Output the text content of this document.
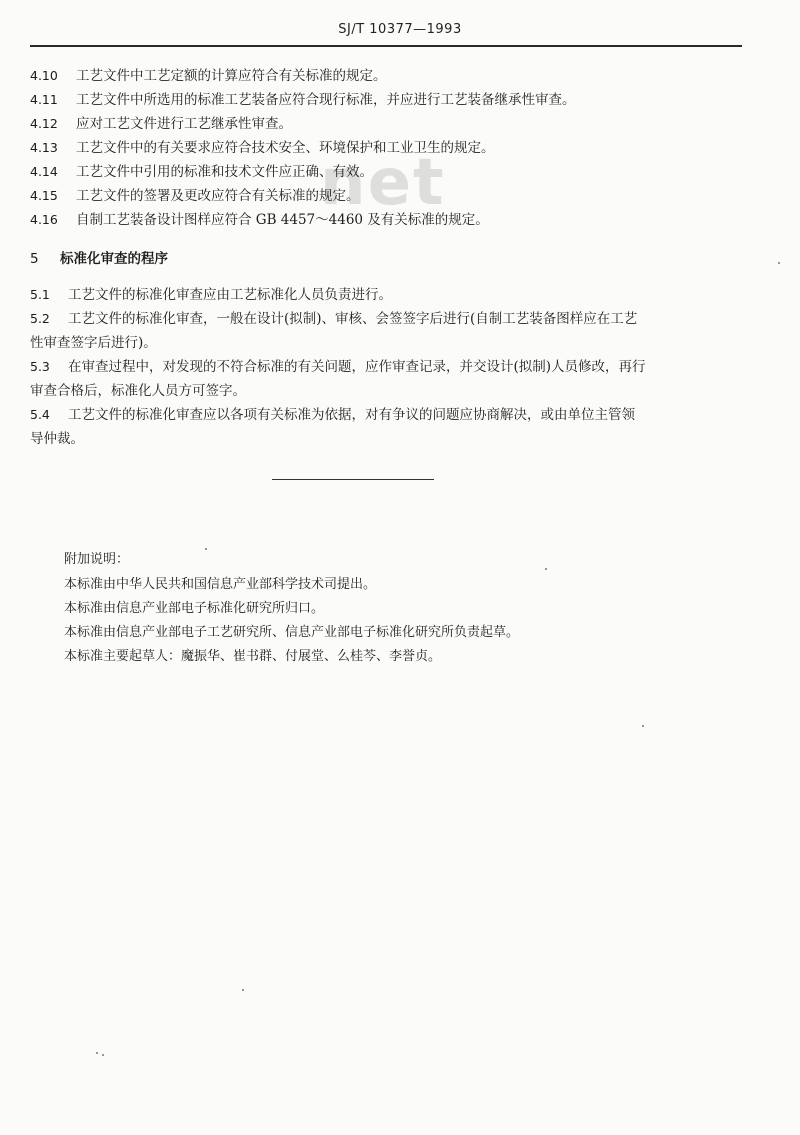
SJ/T 10377—1993
net
4.10 工艺文件中工艺定额的计算应符合有关标准的规定。
4.11 工艺文件中所选用的标准工艺装备应符合现行标准，并应进行工艺装备继承性审查。
4.12 应对工艺文件进行工艺继承性审查。
4.13 工艺文件中的有关要求应符合技术安全、环境保护和工业卫生的规定。
4.14 工艺文件中引用的标准和技术文件应正确、有效。
4.15 工艺文件的签署及更改应符合有关标准的规定。
4.16 自制工艺装备设计图样应符合 GB 4457～4460 及有关标准的规定。
5 标准化审查的程序
5.1 工艺文件的标准化审查应由工艺标准化人员负责进行。
5.2 工艺文件的标准化审查，一般在设计(拟制)、审核、会签签字后进行(自制工艺装备图样应在工艺
性审查签字后进行)。
5.3 在审查过程中，对发现的不符合标准的有关问题，应作审查记录，并交设计(拟制)人员修改，再行
审查合格后，标准化人员方可签字。
5.4 工艺文件的标准化审查应以各项有关标准为依据，对有争议的问题应协商解决，或由单位主管领
导仲裁。
附加说明：
本标准由中华人民共和国信息产业部科学技术司提出。
本标准由信息产业部电子标准化研究所归口。
本标准由信息产业部电子工艺研究所、信息产业部电子标准化研究所负责起草。
本标准主要起草人：魔振华、崔书群、付展堂、么桂芩、李誉贞。
